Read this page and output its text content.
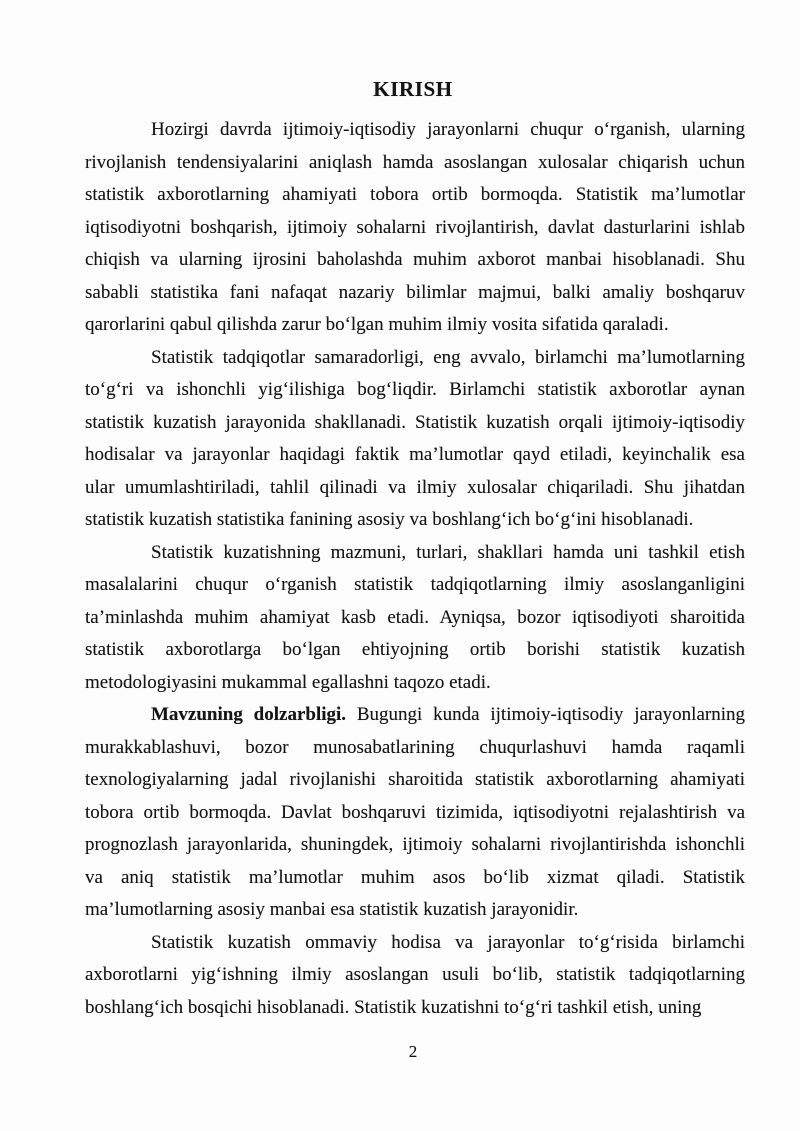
KIRISH
Hozirgi davrda ijtimoiy-iqtisodiy jarayonlarni chuqur o‘rganish, ularning
rivojlanish tendensiyalarini aniqlash hamda asoslangan xulosalar chiqarish uchun
statistik axborotlarning ahamiyati tobora ortib bormoqda. Statistik ma’lumotlar
iqtisodiyotni boshqarish, ijtimoiy sohalarni rivojlantirish, davlat dasturlarini ishlab
chiqish va ularning ijrosini baholashda muhim axborot manbai hisoblanadi. Shu
sababli statistika fani nafaqat nazariy bilimlar majmui, balki amaliy boshqaruv
qarorlarini qabul qilishda zarur bo‘lgan muhim ilmiy vosita sifatida qaraladi.
Statistik tadqiqotlar samaradorligi, eng avvalo, birlamchi ma’lumotlarning
to‘g‘ri va ishonchli yig‘ilishiga bog‘liqdir. Birlamchi statistik axborotlar aynan
statistik kuzatish jarayonida shakllanadi. Statistik kuzatish orqali ijtimoiy-iqtisodiy
hodisalar va jarayonlar haqidagi faktik ma’lumotlar qayd etiladi, keyinchalik esa
ular umumlashtiriladi, tahlil qilinadi va ilmiy xulosalar chiqariladi. Shu jihatdan
statistik kuzatish statistika fanining asosiy va boshlang‘ich bo‘g‘ini hisoblanadi.
Statistik kuzatishning mazmuni, turlari, shakllari hamda uni tashkil etish
masalalarini chuqur o‘rganish statistik tadqiqotlarning ilmiy asoslanganligini
ta’minlashda muhim ahamiyat kasb etadi. Ayniqsa, bozor iqtisodiyoti sharoitida
statistik axborotlarga bo‘lgan ehtiyojning ortib borishi statistik kuzatish
metodologiyasini mukammal egallashni taqozo etadi.
Mavzuning dolzarbligi. Bugungi kunda ijtimoiy-iqtisodiy jarayonlarning
murakkablashuvi, bozor munosabatlarining chuqurlashuvi hamda raqamli
texnologiyalarning jadal rivojlanishi sharoitida statistik axborotlarning ahamiyati
tobora ortib bormoqda. Davlat boshqaruvi tizimida, iqtisodiyotni rejalashtirish va
prognozlash jarayonlarida, shuningdek, ijtimoiy sohalarni rivojlantirishda ishonchli
va aniq statistik ma’lumotlar muhim asos bo‘lib xizmat qiladi. Statistik
ma’lumotlarning asosiy manbai esa statistik kuzatish jarayonidir.
Statistik kuzatish ommaviy hodisa va jarayonlar to‘g‘risida birlamchi
axborotlarni yig‘ishning ilmiy asoslangan usuli bo‘lib, statistik tadqiqotlarning
boshlang‘ich bosqichi hisoblanadi. Statistik kuzatishni to‘g‘ri tashkil etish, uning
2
